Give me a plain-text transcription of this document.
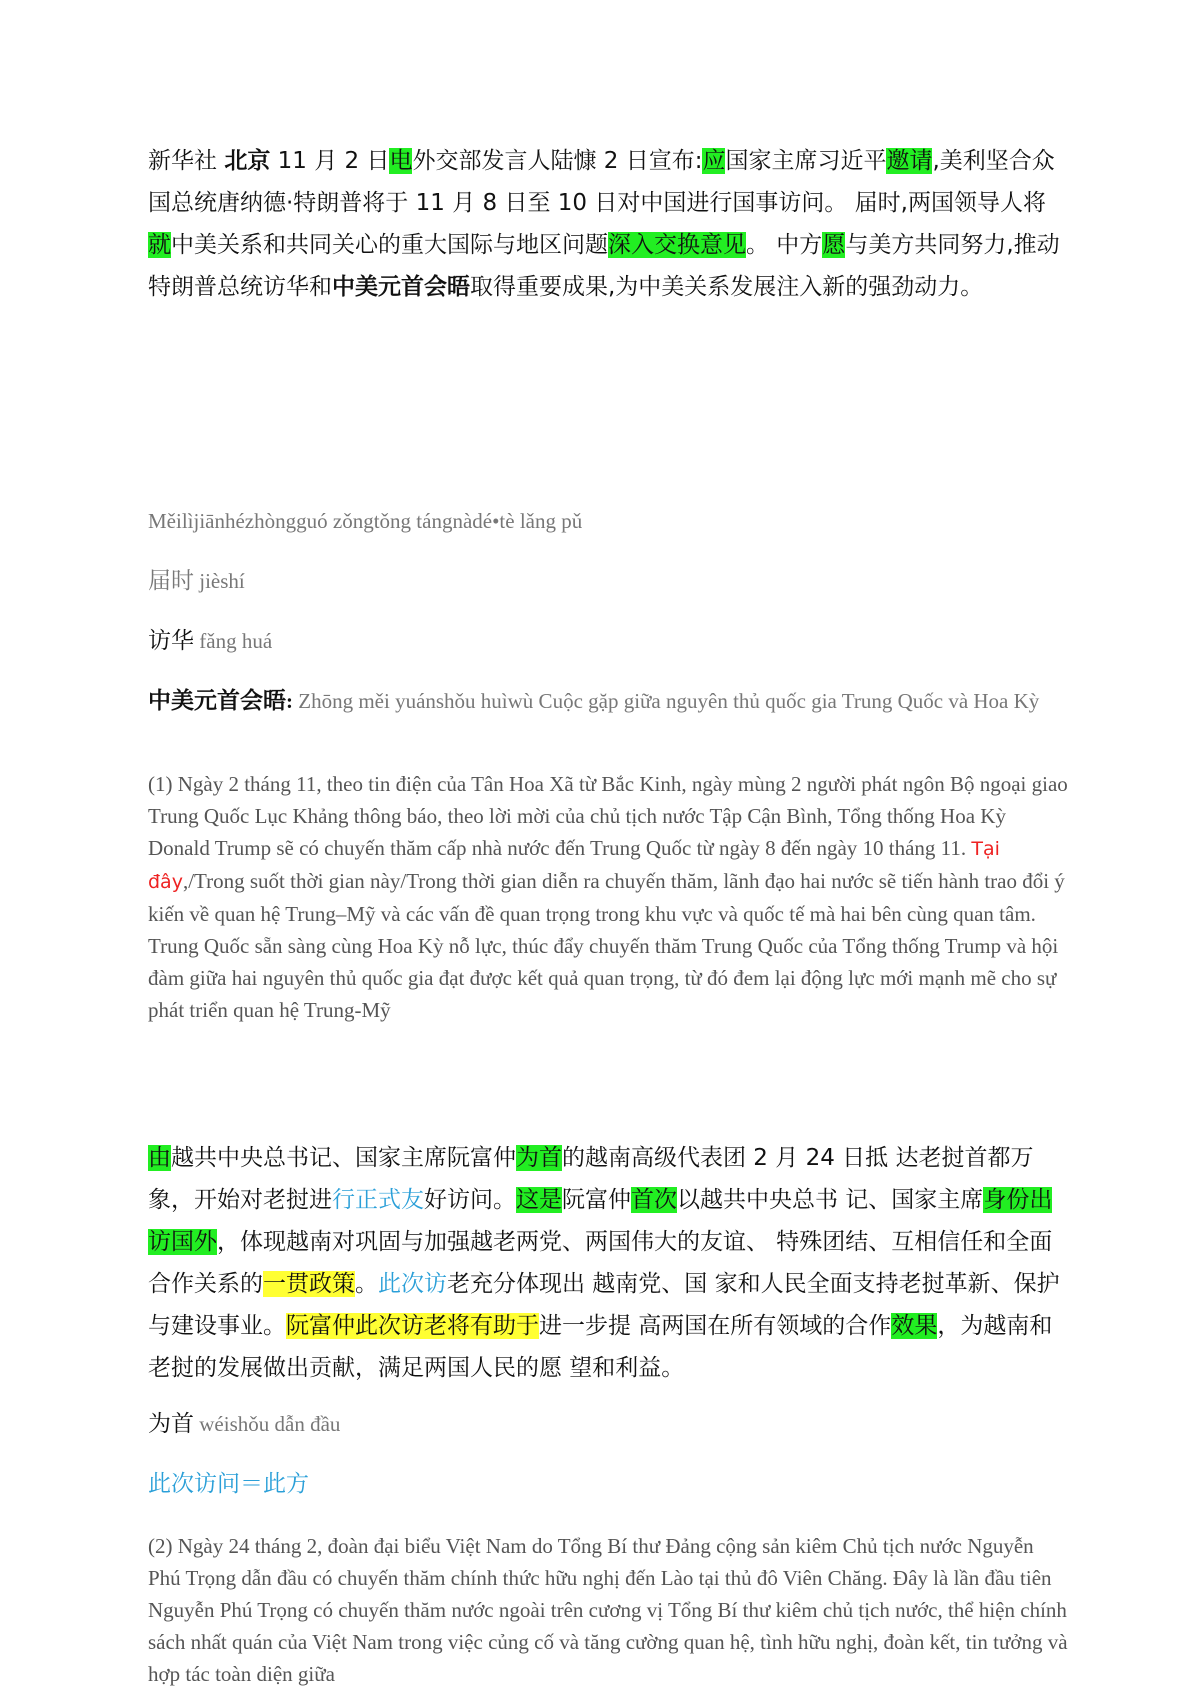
新华社 北京 11 月 2 日电外交部发言人陆慷 2 日宣布:应国家主席习近平邀请,美利坚合众国总统唐纳德·特朗普将于 11 月 8 日至 10 日对中国进行国事访问。 届时,两国领导人将就中美关系和共同关心的重大国际与地区问题深入交换意见。 中方愿与美方共同努力,推动特朗普总统访华和中美元首会晤取得重要成果,为中美关系发展注入新的强劲动力。

Měilìjiānhézhòngguó zǒngtǒng tángnàdé•tè lǎng pǔ

届时 jièshí

访华 fǎng huá

中美元首会晤: Zhōng měi yuánshǒu huìwù Cuộc gặp giữa nguyên thủ quốc gia Trung Quốc và Hoa Kỳ

(1) Ngày 2 tháng 11, theo tin điện của Tân Hoa Xã từ Bắc Kinh, ngày mùng 2 người phát ngôn Bộ ngoại giao Trung Quốc Lục Khảng thông báo, theo lời mời của chủ tịch nước Tập Cận Bình, Tổng thống Hoa Kỳ Donald Trump sẽ có chuyến thăm cấp nhà nước đến Trung Quốc từ ngày 8 đến ngày 10 tháng 11. Tại đây,/Trong suốt thời gian này/Trong thời gian diễn ra chuyến thăm, lãnh đạo hai nước sẽ tiến hành trao đổi ý kiến về quan hệ Trung–Mỹ và các vấn đề quan trọng trong khu vực và quốc tế mà hai bên cùng quan tâm. Trung Quốc sẵn sàng cùng Hoa Kỳ nỗ lực, thúc đẩy chuyến thăm Trung Quốc của Tổng thống Trump và hội đàm giữa hai nguyên thủ quốc gia đạt được kết quả quan trọng, từ đó đem lại động lực mới mạnh mẽ cho sự phát triển quan hệ Trung-Mỹ

由越共中央总书记、国家主席阮富仲为首的越南高级代表团 2 月 24 日抵 达老挝首都万象，开始对老挝进行正式友好访问。这是阮富仲首次以越共中央总书 记、国家主席身份出访国外，体现越南对巩固与加强越老两党、两国伟大的友谊、 特殊团结、互相信任和全面合作关系的一贯政策。此次访老充分体现出 越南党、国 家和人民全面支持老挝革新、保护与建设事业。阮富仲此次访老将有助于进一步提 高两国在所有领域的合作效果，为越南和老挝的发展做出贡献，满足两国人民的愿 望和利益。

为首 wéishǒu dẫn đầu

此次访问＝此方

(2) Ngày 24 tháng 2, đoàn đại biểu Việt Nam do Tổng Bí thư Đảng cộng sản kiêm Chủ tịch nước Nguyễn Phú Trọng dẫn đầu có chuyến thăm chính thức hữu nghị đến Lào tại thủ đô Viên Chăng. Đây là lần đầu tiên Nguyễn Phú Trọng có chuyến thăm nước ngoài trên cương vị Tổng Bí thư kiêm chủ tịch nước, thể hiện chính sách nhất quán của Việt Nam trong việc củng cố và tăng cường quan hệ, tình hữu nghị, đoàn kết, tin tưởng và hợp tác toàn diện giữa
